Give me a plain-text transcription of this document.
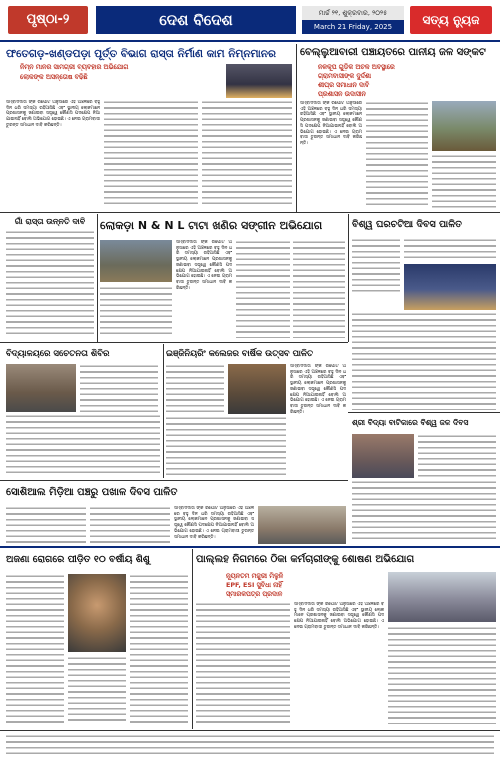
ପୃଷ୍ଠା-୨	ଦେଶ ବିଦେଶ	ମାର୍ଚ୍ଚ ୨୧, ଶୁକ୍ରବାର, ୨୦୨୫
March 21 Friday, 2025	ସତ୍ୟ ନ୍ୟୁଜ
ଫତେଗଡ଼-ଖଣ୍ଡପଡ଼ା ପୂର୍ତ୍ତ ବିଭାଗ ରାସ୍ତା ନିର୍ମାଣ କାମ ନିମ୍ନମାନର
ନିମ୍ନ ମାନର ସାମଗ୍ରୀ ବ୍ୟବହାର ଅଭିଯୋଗ
ଲୋକଙ୍କ ଅସନ୍ତୋଷ ବଢିଛି
ସମ୍ବାଦଦାତା ଙ୍କ ରିପୋର୍ଟ ଅନୁସାରେ ଏହି ଅଞ୍ଚଳରେ ବହୁ ଦିନ ଧରି ସମସ୍ୟା ରହିଆସିଛି ଏବଂ ସ୍ଥାନୀୟ ଲୋକମାନେ ପ୍ରଶାସନକୁ ଜଣାଇବା ସତ୍ତ୍ୱେ କୌଣସି ପଦକ୍ଷେପ ନିଆଯାଇନାହିଁ ବୋଲି ଅଭିଯୋଗ ହୋଇଛି। ଏ ନେଇ ଗ୍ରାମବାସୀ ତୁରନ୍ତ ସମାଧାନ ଦାବି କରିଛନ୍ତି।
ବେଲ୍ଲୁଆବାରୀ ପଞ୍ଚାୟତରେ ପାନୀୟ ଜଳ ସଙ୍କଟ
ନଳକୂପ ଗୁଡ଼ିକ ଅଚଳ ଅବସ୍ଥାରେ
ଗ୍ରାମବାସୀଙ୍କ ଦୁର୍ଦ୍ଦଶା
ଶୀଘ୍ର ସମାଧାନ ଦାବି
ପ୍ରଶାସନ ଉଦାସୀନ
ସମ୍ବାଦଦାତା ଙ୍କ ରିପୋର୍ଟ ଅନୁସାରେ ଏହି ଅଞ୍ଚଳରେ ବହୁ ଦିନ ଧରି ସମସ୍ୟା ରହିଆସିଛି ଏବଂ ସ୍ଥାନୀୟ ଲୋକମାନେ ପ୍ରଶାସନକୁ ଜଣାଇବା ସତ୍ତ୍ୱେ କୌଣସି ପଦକ୍ଷେପ ନିଆଯାଇନାହିଁ ବୋଲି ଅଭିଯୋଗ ହୋଇଛି। ଏ ନେଇ ଗ୍ରାମବାସୀ ତୁରନ୍ତ ସମାଧାନ ଦାବି କରିଛନ୍ତି।
ଗାଁ ରାସ୍ତା ଉନ୍ନତି ଦାବି	ଲୋକଡ଼ା N & N L ଟାଟା ଖଣିର ସଙ୍ଗୀନ ଅଭିଯୋଗ
ସମ୍ବାଦଦାତା ଙ୍କ ରିପୋର୍ଟ ଅନୁସାରେ ଏହି ଅଞ୍ଚଳରେ ବହୁ ଦିନ ଧରି ସମସ୍ୟା ରହିଆସିଛି ଏବଂ ସ୍ଥାନୀୟ ଲୋକମାନେ ପ୍ରଶାସନକୁ ଜଣାଇବା ସତ୍ତ୍ୱେ କୌଣସି ପଦକ୍ଷେପ ନିଆଯାଇନାହିଁ ବୋଲି ଅଭିଯୋଗ ହୋଇଛି। ଏ ନେଇ ଗ୍ରାମବାସୀ ତୁରନ୍ତ ସମାଧାନ ଦାବି କରିଛନ୍ତି।
ବିଶ୍ୱ ଘରଚଟିଆ ଦିବସ ପାଳିତ
ବିଦ୍ୟାଳୟରେ ସଚେତନତା ଶିବିର	ଇଞ୍ଜିନିୟରିଂ କଲେଜର ବାର୍ଷିକ ଉତ୍ସବ ପାଳିତ
ସମ୍ବାଦଦାତା ଙ୍କ ରିପୋର୍ଟ ଅନୁସାରେ ଏହି ଅଞ୍ଚଳରେ ବହୁ ଦିନ ଧରି ସମସ୍ୟା ରହିଆସିଛି ଏବଂ ସ୍ଥାନୀୟ ଲୋକମାନେ ପ୍ରଶାସନକୁ ଜଣାଇବା ସତ୍ତ୍ୱେ କୌଣସି ପଦକ୍ଷେପ ନିଆଯାଇନାହିଁ ବୋଲି ଅଭିଯୋଗ ହୋଇଛି। ଏ ନେଇ ଗ୍ରାମବାସୀ ତୁରନ୍ତ ସମାଧାନ ଦାବି କରିଛନ୍ତି।
ଶ୍ରୀ ବିଦ୍ୟା ବାଟିକାରେ ବିଶ୍ୱ ଜଳ ଦିବସ
ସୋଶିଆଲ ମିଡ଼ିଆ ପଞ୍ଚରୁ ପଖାଳ ଦିବସ ପାଳିତ
ସମ୍ବାଦଦାତା ଙ୍କ ରିପୋର୍ଟ ଅନୁସାରେ ଏହି ଅଞ୍ଚଳରେ ବହୁ ଦିନ ଧରି ସମସ୍ୟା ରହିଆସିଛି ଏବଂ ସ୍ଥାନୀୟ ଲୋକମାନେ ପ୍ରଶାସନକୁ ଜଣାଇବା ସତ୍ତ୍ୱେ କୌଣସି ପଦକ୍ଷେପ ନିଆଯାଇନାହିଁ ବୋଲି ଅଭିଯୋଗ ହୋଇଛି। ଏ ନେଇ ଗ୍ରାମବାସୀ ତୁରନ୍ତ ସମାଧାନ ଦାବି କରିଛନ୍ତି।
ଅଜଣା ରୋଗରେ ପୀଡ଼ିତ ୧୦ ବର୍ଷୀୟ ଶିଶୁ	ପାଲ୍ଲହ ନିଗମରେ ଠିକା କର୍ମଚାରୀଙ୍କୁ ଶୋଷଣ ଅଭିଯୋଗ
ନ୍ୟୂନତମ ମଜୁରୀ ମିଳୁନି
EPF, ESI ସୁବିଧା ନାହିଁ
ସ୍ମାରକପତ୍ର ପ୍ରଦାନ
ସମ୍ବାଦଦାତା ଙ୍କ ରିପୋର୍ଟ ଅନୁସାରେ ଏହି ଅଞ୍ଚଳରେ ବହୁ ଦିନ ଧରି ସମସ୍ୟା ରହିଆସିଛି ଏବଂ ସ୍ଥାନୀୟ ଲୋକମାନେ ପ୍ରଶାସନକୁ ଜଣାଇବା ସତ୍ତ୍ୱେ କୌଣସି ପଦକ୍ଷେପ ନିଆଯାଇନାହିଁ ବୋଲି ଅଭିଯୋଗ ହୋଇଛି। ଏ ନେଇ ଗ୍ରାମବାସୀ ତୁରନ୍ତ ସମାଧାନ ଦାବି କରିଛନ୍ତି।
